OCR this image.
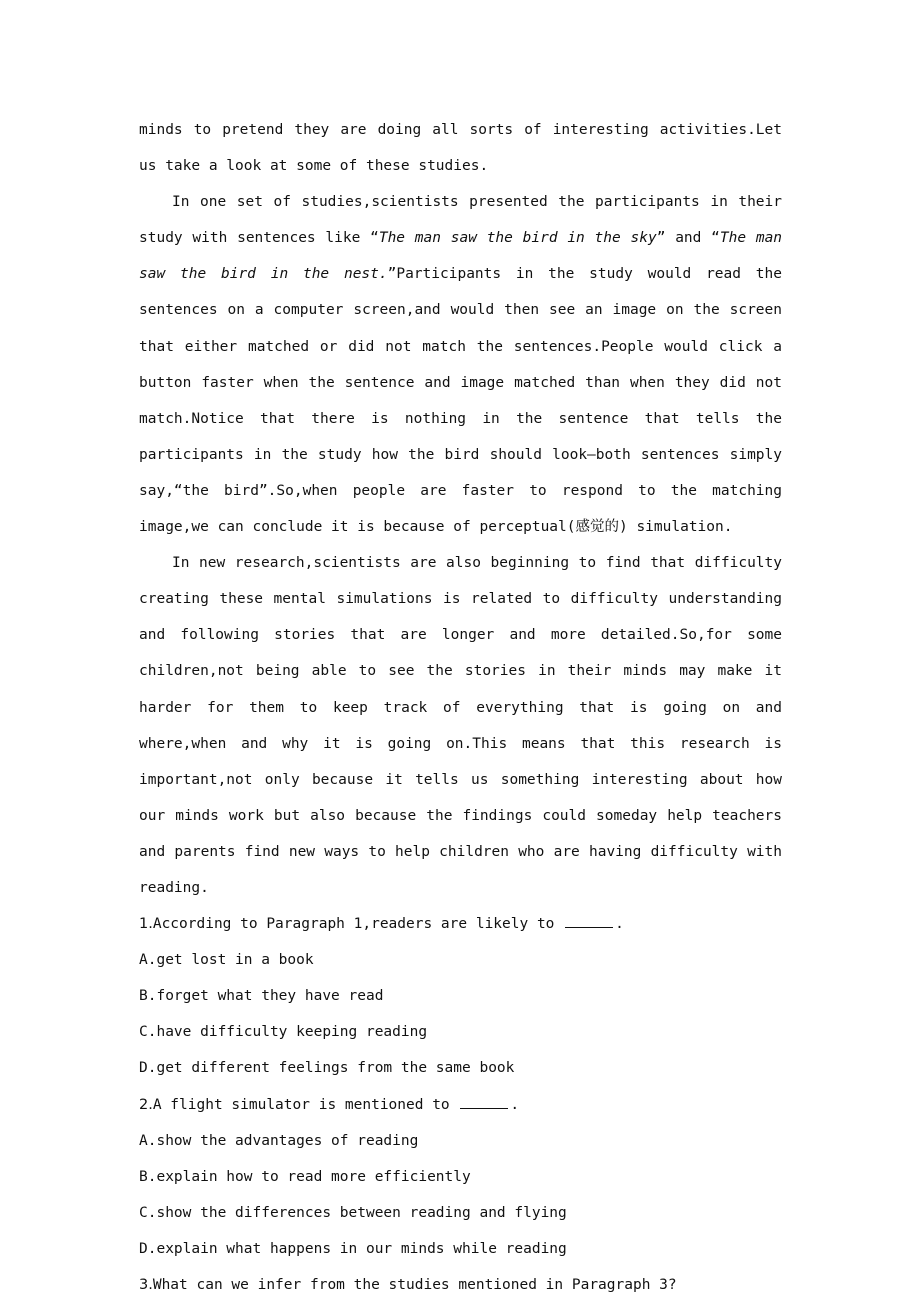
minds to pretend they are doing all sorts of interesting activities.Let us take a look at some of these studies.

In one set of studies,scientists presented the participants in their study with sentences like “The man saw the bird in the sky” and “The man saw the bird in the nest.”Participants in the study would read the sentences on a computer screen,and would then see an image on the screen that either matched or did not match the sentences.People would click a button faster when the sentence and image matched than when they did not match.Notice that there is nothing in the sentence that tells the participants in the study how the bird should look—both sentences simply say,“the bird”.So,when people are faster to respond to the matching image,we can conclude it is because of perceptual(感觉的) simulation.

In new research,scientists are also beginning to find that difficulty creating these mental simulations is related to difficulty understanding and following stories that are longer and more detailed.So,for some children,not being able to see the stories in their minds may make it harder for them to keep track of everything that is going on and where,when and why it is going on.This means that this research is important,not only because it tells us something interesting about how our minds work but also because the findings could someday help teachers and parents find new ways to help children who are having difficulty with reading.

1.According to Paragraph 1,readers are likely to	.

A.get lost in a book

B.forget what they have read

C.have difficulty keeping reading

D.get different feelings from the same book

2.A flight simulator is mentioned to	.

A.show the advantages of reading

B.explain how to read more efficiently

C.show the differences between reading and flying

D.explain what happens in our minds while reading

3.What can we infer from the studies mentioned in Paragraph 3?
